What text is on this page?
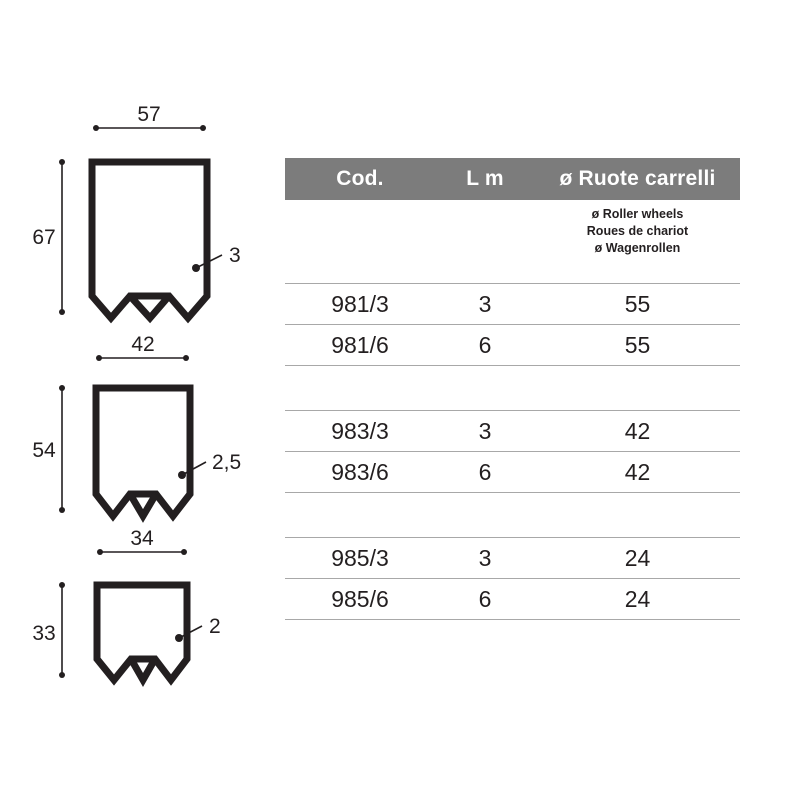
57
67
3
42
54
2,5
34
33	2
Cod.	L m	ø Ruote carrelli
ø Roller wheels
Roues de chariot
ø Wagenrollen
981/3	3	55
981/6	6	55
983/3	3	42
983/6	6	42
985/3	3	24
985/6	6	24
